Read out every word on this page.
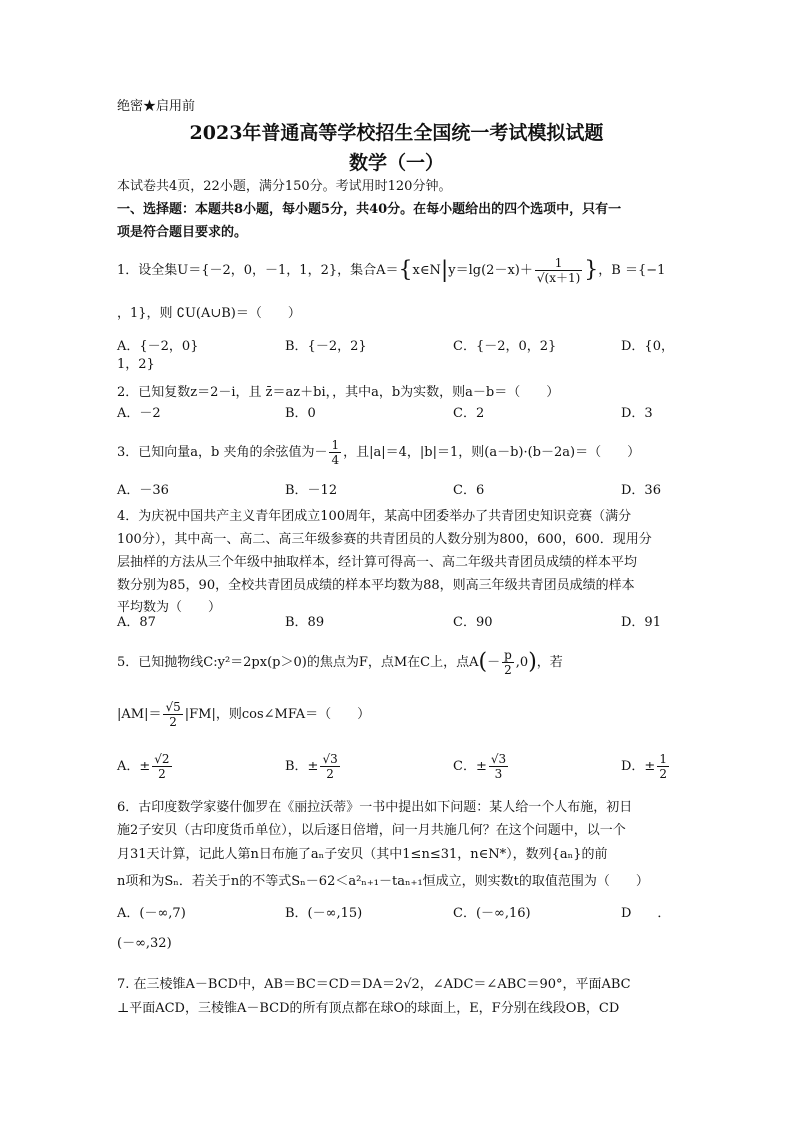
绝密★启用前
2023年普通高等学校招生全国统一考试模拟试题
数学（一）
本试卷共4页，22小题，满分150分。考试用时120分钟。
一、选择题：本题共8小题，每小题5分，共40分。在每小题给出的四个选项中，只有一
项是符合题目要求的。
1．设全集U＝{－2，0，－1，1，2}，集合A＝{x∈N|y＝lg(2－x)＋ $\frac{1}{√(x+1)}$ }，B ＝{−1
，1}，则 ∁U(A∪B)＝（　　）
A．{－2，0}	B．{－2，2}	C．{－2，0，2}	D．{0，
1，2}
2．已知复数z＝2－i，且 z̄＝az＋bi，，其中a，b为实数，则a－b＝（　　）
A．－2	B．0	C．2	D．3
3．已知向量a，b 夹角的余弦值为－ $\frac{1}{4}$ ，且|a|＝4，|b|＝1，则(a－b)·(b－2a)＝（　　）
A．－36	B．－12	C．6	D．36
4．为庆祝中国共产主义青年团成立100周年，某高中团委举办了共青团史知识竞赛（满分
100分），其中高一、高二、高三年级参赛的共青团员的人数分别为800，600，600．现用分
层抽样的方法从三个年级中抽取样本，经计算可得高一、高二年级共青团员成绩的样本平均
数分别为85，90，全校共青团员成绩的样本平均数为88，则高三年级共青团员成绩的样本
平均数为（　　）
A．87	B．89	C．90	D．91
5．已知抛物线C:y²＝2px(p＞0)的焦点为F，点M在C上，点$A(- \frac{p}{2} ,0)$，若
$|AM|= \frac{√5}{2} |FM|$，则cos∠MFA＝（　　）
A．± $\frac{√2}{2}$	B．± $\frac{√3}{2}$	C．± $\frac{√3}{3}$	D．± $\frac{1}{2}$
6．古印度数学家婆什伽罗在《丽拉沃蒂》一书中提出如下问题：某人给一个人布施，初日
施2子安贝（古印度货币单位），以后逐日倍增，问一月共施几何？在这个问题中，以一个
月31天计算，记此人第n日布施了aₙ子安贝（其中1≤n≤31，n∈N*），数列{aₙ}的前
n项和为Sₙ．若关于n的不等式Sₙ－62＜a²ₙ₊₁－taₙ₊₁恒成立，则实数t的取值范围为（　　）
A．(－∞,7)	B．(－∞,15)	C．(－∞,16)	D　　．
(－∞,32)
7. 在三棱锥A－BCD中，AB＝BC＝CD＝DA＝2√2，∠ADC＝∠ABC＝90°，平面ABC
⊥平面ACD，三棱锥A－BCD的所有顶点都在球O的球面上，E，F分别在线段OB，CD
